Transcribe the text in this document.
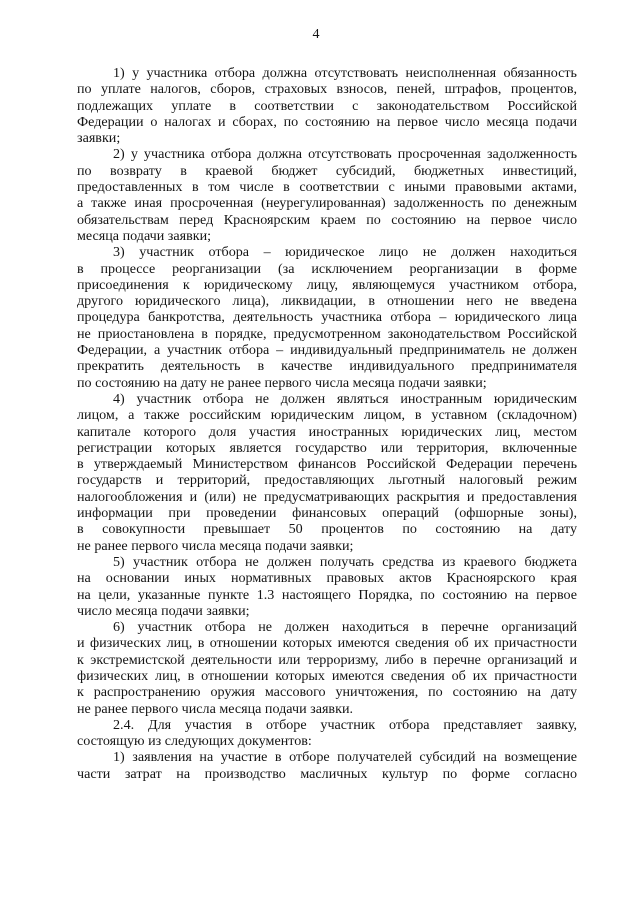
4
1) у участника отбора должна отсутствовать неисполненная обязанность
по уплате налогов, сборов, страховых взносов, пеней, штрафов, процентов,
подлежащих уплате в соответствии с законодательством Российской
Федерации о налогах и сборах, по состоянию на первое число месяца подачи
заявки;
2) у участника отбора должна отсутствовать просроченная задолженность
по возврату в краевой бюджет субсидий, бюджетных инвестиций,
предоставленных в том числе в соответствии с иными правовыми актами,
а также иная просроченная (неурегулированная) задолженность по денежным
обязательствам перед Красноярским краем по состоянию на первое число
месяца подачи заявки;
3) участник отбора – юридическое лицо не должен находиться
в процессе реорганизации (за исключением реорганизации в форме
присоединения к юридическому лицу, являющемуся участником отбора,
другого юридического лица), ликвидации, в отношении него не введена
процедура банкротства, деятельность участника отбора – юридического лица
не приостановлена в порядке, предусмотренном законодательством Российской
Федерации, а участник отбора – индивидуальный предприниматель не должен
прекратить деятельность в качестве индивидуального предпринимателя
по состоянию на дату не ранее первого числа месяца подачи заявки;
4) участник отбора не должен являться иностранным юридическим
лицом, а также российским юридическим лицом, в уставном (складочном)
капитале которого доля участия иностранных юридических лиц, местом
регистрации которых является государство или территория, включенные
в утверждаемый Министерством финансов Российской Федерации перечень
государств и территорий, предоставляющих льготный налоговый режим
налогообложения и (или) не предусматривающих раскрытия и предоставления
информации при проведении финансовых операций (офшорные зоны),
в совокупности превышает 50 процентов по состоянию на дату
не ранее первого числа месяца подачи заявки;
5) участник отбора не должен получать средства из краевого бюджета
на основании иных нормативных правовых актов Красноярского края
на цели, указанные пункте 1.3 настоящего Порядка, по состоянию на первое
число месяца подачи заявки;
6) участник отбора не должен находиться в перечне организаций
и физических лиц, в отношении которых имеются сведения об их причастности
к экстремистской деятельности или терроризму, либо в перечне организаций и
физических лиц, в отношении которых имеются сведения об их причастности
к распространению оружия массового уничтожения, по состоянию на дату
не ранее первого числа месяца подачи заявки.
2.4. Для участия в отборе участник отбора представляет заявку,
состоящую из следующих документов:
1) заявления на участие в отборе получателей субсидий на возмещение
части затрат на производство масличных культур по форме согласно
